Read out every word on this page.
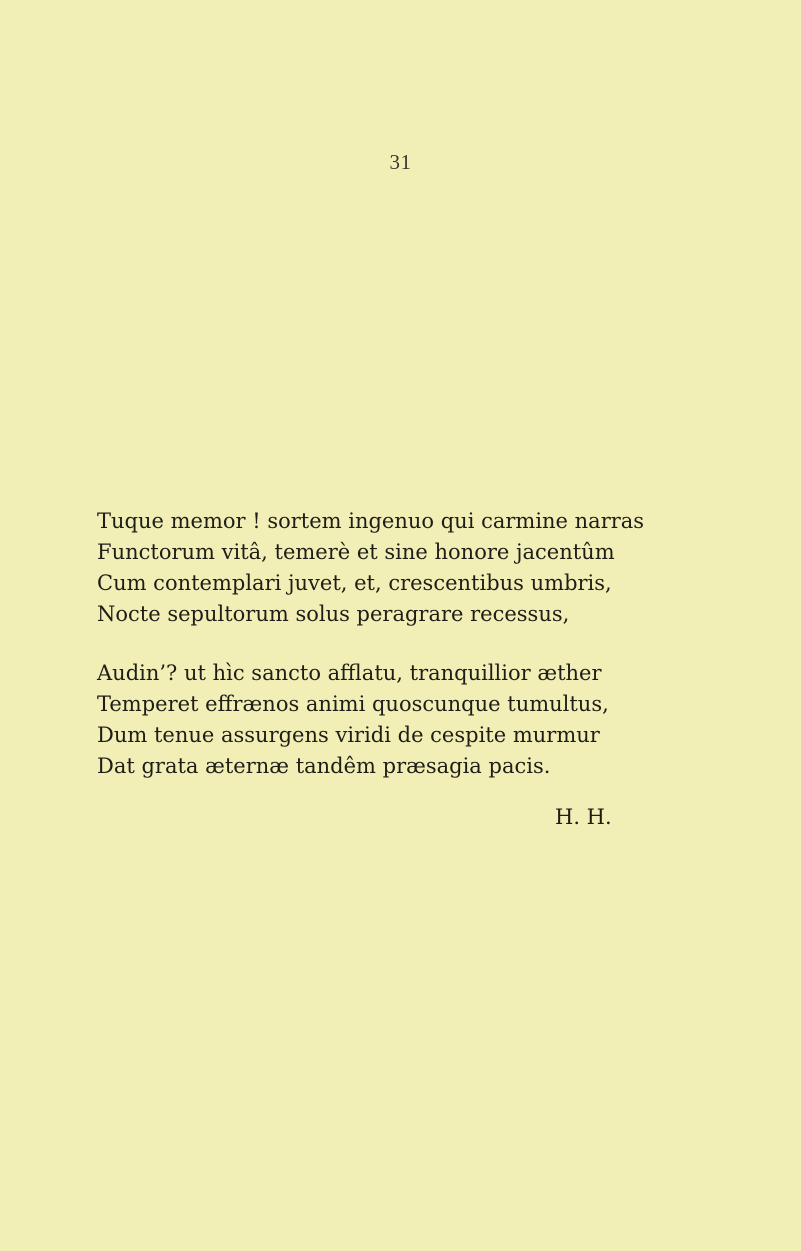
31

Tuque memor ! sortem ingenuo qui carmine narras
Functorum vitâ, temerè et sine honore jacentûm
Cum contemplari juvet, et, crescentibus umbris,
Nocte sepultorum solus peragrare recessus,

Audin’? ut hı̀c sancto afflatu, tranquillior æther
Temperet effrænos animi quoscunque tumultus,
Dum tenue assurgens viridi de cespite murmur
Dat grata æternæ tandêm præsagia pacis.

H. H.
